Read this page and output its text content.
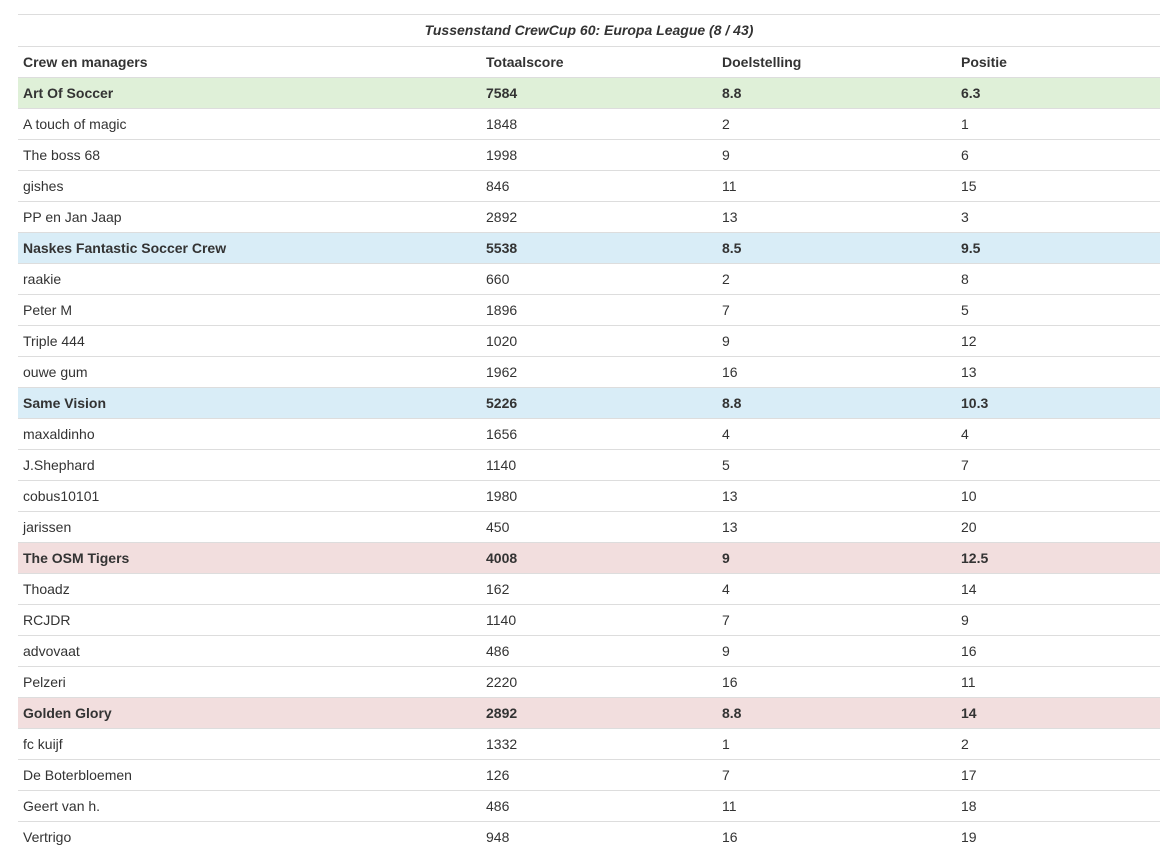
Tussenstand CrewCup 60: Europa League (8 / 43)
Crew en managers	Totaalscore	Doelstelling	Positie
Art Of Soccer	7584	8.8	6.3
A touch of magic	1848	2	1
The boss 68	1998	9	6
gishes	846	11	15
PP en Jan Jaap	2892	13	3
Naskes Fantastic Soccer Crew	5538	8.5	9.5
raakie	660	2	8
Peter M	1896	7	5
Triple 444	1020	9	12
ouwe gum	1962	16	13
Same Vision	5226	8.8	10.3
maxaldinho	1656	4	4
J.Shephard	1140	5	7
cobus10101	1980	13	10
jarissen	450	13	20
The OSM Tigers	4008	9	12.5
Thoadz	162	4	14
RCJDR	1140	7	9
advovaat	486	9	16
Pelzeri	2220	16	11
Golden Glory	2892	8.8	14
fc kuijf	1332	1	2
De Boterbloemen	126	7	17
Geert van h.	486	11	18
Vertrigo	948	16	19
